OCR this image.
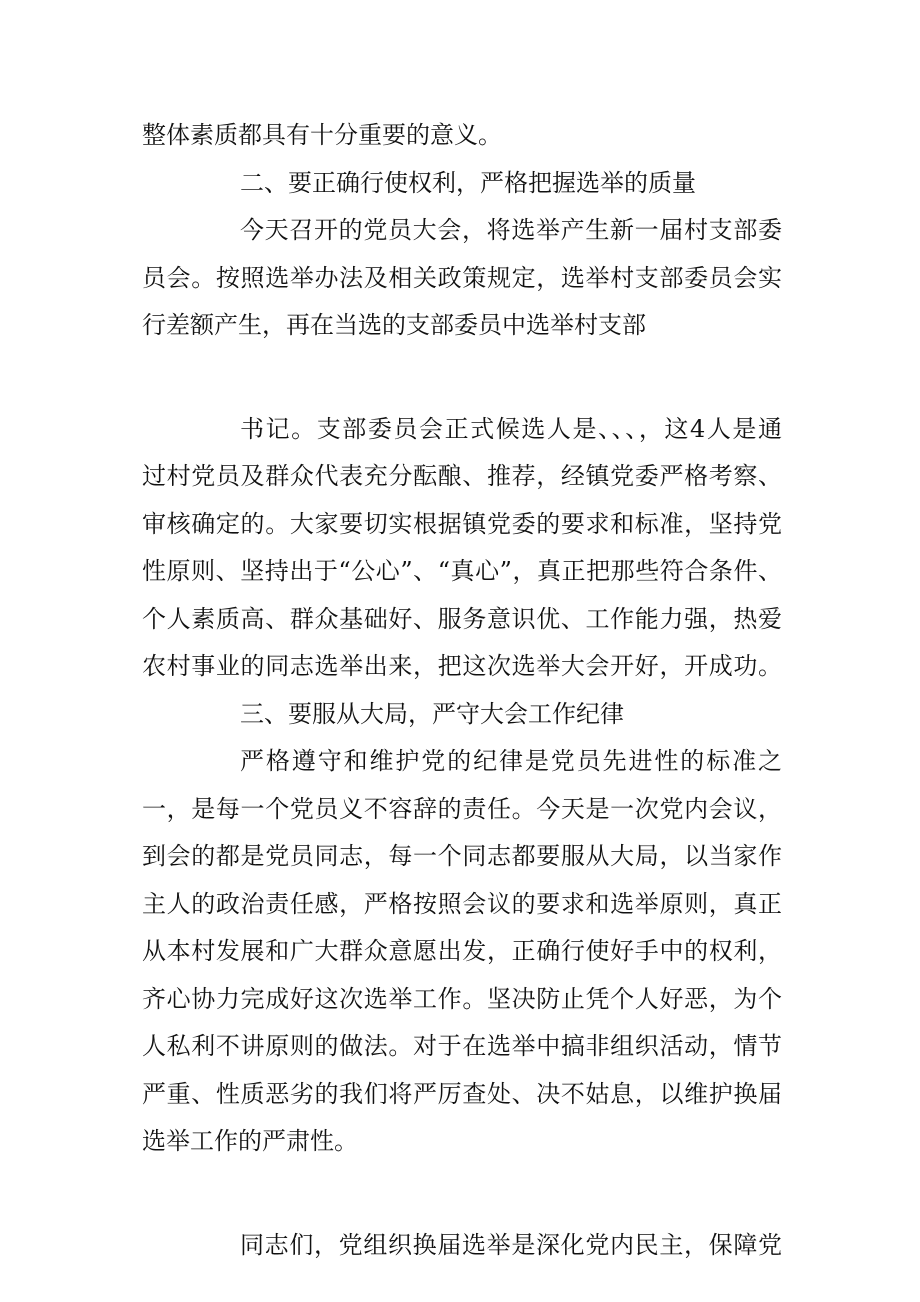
整体素质都具有十分重要的意义。
二、要正确行使权利，严格把握选举的质量
今天召开的党员大会，将选举产生新一届村支部委
员会。按照选举办法及相关政策规定，选举村支部委员会实
行差额产生，再在当选的支部委员中选举村支部
书记。支部委员会正式候选人是、、、，这4人是通
过村党员及群众代表充分酝酿、推荐，经镇党委严格考察、
审核确定的。大家要切实根据镇党委的要求和标准，坚持党
性原则、坚持出于“公心”、“真心”，真正把那些符合条件、
个人素质高、群众基础好、服务意识优、工作能力强，热爱
农村事业的同志选举出来，把这次选举大会开好，开成功。
三、要服从大局，严守大会工作纪律
严格遵守和维护党的纪律是党员先进性的标准之
一，是每一个党员义不容辞的责任。今天是一次党内会议，
到会的都是党员同志，每一个同志都要服从大局，以当家作
主人的政治责任感，严格按照会议的要求和选举原则，真正
从本村发展和广大群众意愿出发，正确行使好手中的权利，
齐心协力完成好这次选举工作。坚决防止凭个人好恶，为个
人私利不讲原则的做法。对于在选举中搞非组织活动，情节
严重、性质恶劣的我们将严厉查处、决不姑息，以维护换届
选举工作的严肃性。
同志们，党组织换届选举是深化党内民主，保障党
